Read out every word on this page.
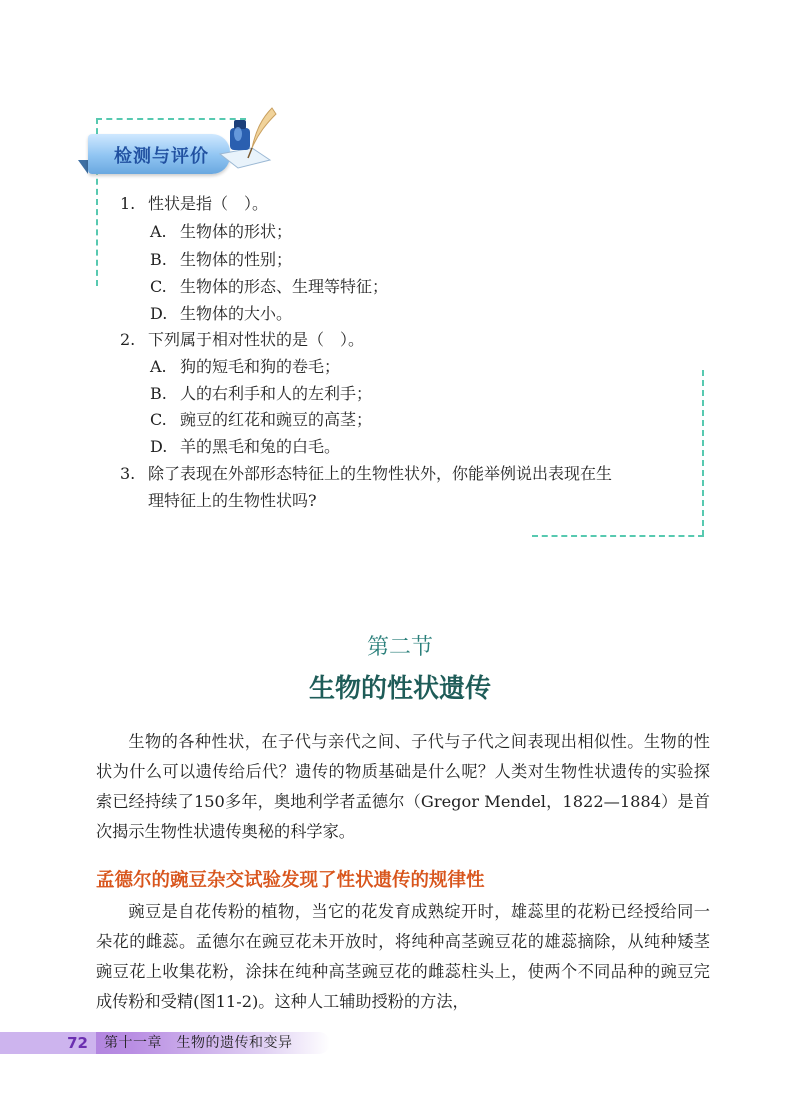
检测与评价
1. 性状是指（　）。
A. 生物体的形状；
B. 生物体的性别；
C. 生物体的形态、生理等特征；
D. 生物体的大小。
2. 下列属于相对性状的是（　）。
A. 狗的短毛和狗的卷毛；
B. 人的右利手和人的左利手；
C. 豌豆的红花和豌豆的高茎；
D. 羊的黑毛和兔的白毛。
3. 除了表现在外部形态特征上的生物性状外，你能举例说出表现在生
理特征上的生物性状吗?
第二节
生物的性状遗传

生物的各种性状，在子代与亲代之间、子代与子代之间表现出相似性。生物的性状为什么可以遗传给后代？遗传的物质基础是什么呢？人类对生物性状遗传的实验探索已经持续了150多年，奥地利学者孟德尔（Gregor Mendel，1822—1884）是首次揭示生物性状遗传奥秘的科学家。

孟德尔的豌豆杂交试验发现了性状遗传的规律性

豌豆是自花传粉的植物，当它的花发育成熟绽开时，雄蕊里的花粉已经授给同一朵花的雌蕊。孟德尔在豌豆花未开放时，将纯种高茎豌豆花的雄蕊摘除，从纯种矮茎豌豆花上收集花粉，涂抹在纯种高茎豌豆花的雌蕊柱头上，使两个不同品种的豌豆完成传粉和受精(图11-2)。这种人工辅助授粉的方法，

72	第十一章　生物的遗传和变异
